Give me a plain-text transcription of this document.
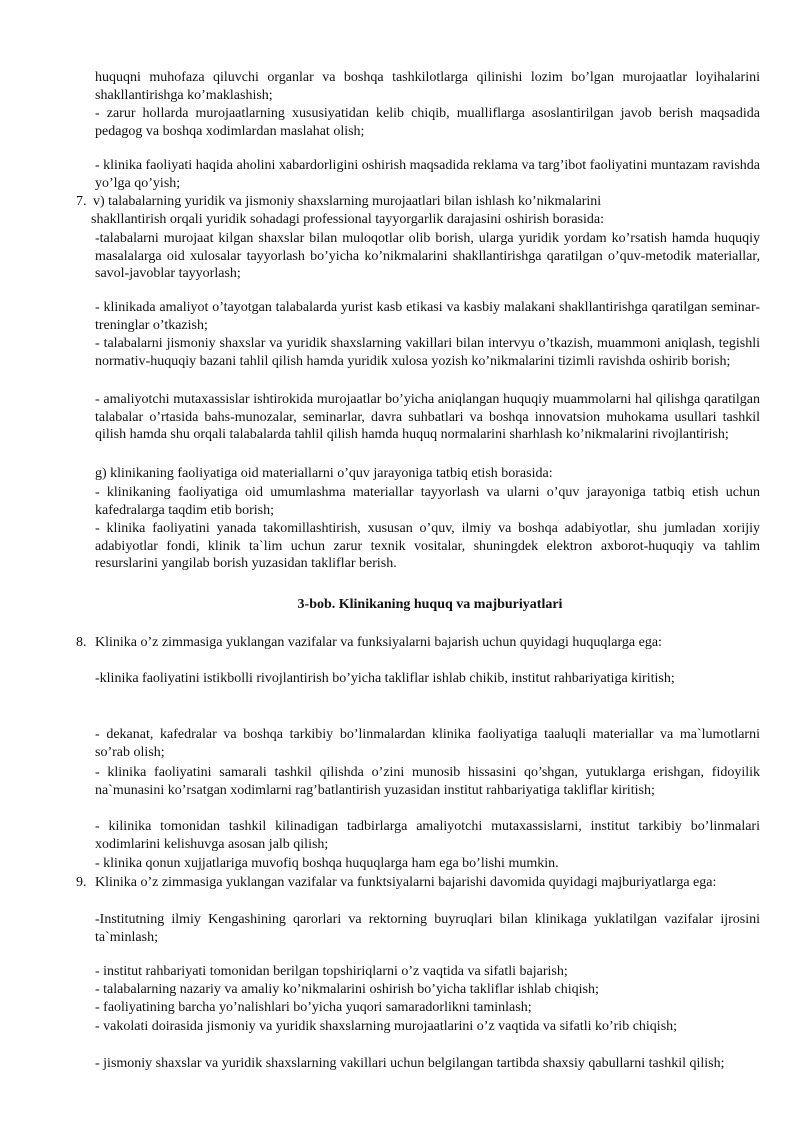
huquqni muhofaza qiluvchi organlar va boshqa tashkilotlarga qilinishi lozim bo’lgan murojaatlar loyihalarini shakllantirishga ko’maklashish;

- zarur hollarda murojaatlarning xususiyatidan kelib chiqib, mualliflarga asoslantirilgan javob berish maqsadida pedagog va boshqa xodimlardan maslahat olish;

- klinika faoliyati haqida aholini xabardorligini oshirish maqsadida reklama va targ’ibot faoliyatini muntazam ravishda yo’lga qo’yish;

7. v) talabalarning yuridik va jismoniy shaxslarning murojaatlari bilan ishlash ko’nikmalarini

shakllantirish orqali yuridik sohadagi professional tayyorgarlik darajasini oshirish borasida:

-talabalarni murojaat kilgan shaxslar bilan muloqotlar olib borish, ularga yuridik yordam ko’rsatish hamda huquqiy masalalarga oid xulosalar tayyorlash bo’yicha ko’nikmalarini shakllantirishga qaratilgan o’quv-metodik materiallar, savol-javoblar tayyorlash;

- klinikada amaliyot o’tayotgan talabalarda yurist kasb etikasi va kasbiy malakani shakllantirishga qaratilgan seminar-treninglar o’tkazish;

- talabalarni jismoniy shaxslar va yuridik shaxslarning vakillari bilan intervyu o’tkazish, muammoni aniqlash, tegishli normativ-huquqiy bazani tahlil qilish hamda yuridik xulosa yozish ko’nikmalarini tizimli ravishda oshirib borish;

- amaliyotchi mutaxassislar ishtirokida murojaatlar bo’yicha aniqlangan huquqiy muammolarni hal qilishga qaratilgan talabalar o’rtasida bahs-munozalar, seminarlar, davra suhbatlari va boshqa innovatsion muhokama usullari tashkil qilish hamda shu orqali talabalarda tahlil qilish hamda huquq normalarini sharhlash ko’nikmalarini rivojlantirish;

g) klinikaning faoliyatiga oid materiallarni o’quv jarayoniga tatbiq etish borasida:

- klinikaning faoliyatiga oid umumlashma materiallar tayyorlash va ularni o’quv jarayoniga tatbiq etish uchun kafedralarga taqdim etib borish;

- klinika faoliyatini yanada takomillashtirish, xususan o’quv, ilmiy va boshqa adabiyotlar, shu jumladan xorijiy adabiyotlar fondi, klinik ta`lim uchun zarur texnik vositalar, shuningdek elektron axborot-huquqiy va tahlim resurslarini yangilab borish yuzasidan takliflar berish.

3-bob. Klinikaning huquq va majburiyatlari
8. Klinika o’z zimmasiga yuklangan vazifalar va funksiyalarni bajarish uchun quyidagi huquqlarga ega:

-klinika faoliyatini istikbolli rivojlantirish bo’yicha takliflar ishlab chikib, institut rahbariyatiga kiritish;

- dekanat, kafedralar va boshqa tarkibiy bo’linmalardan klinika faoliyatiga taaluqli materiallar va ma`lumotlarni so’rab olish;

- klinika faoliyatini samarali tashkil qilishda o’zini munosib hissasini qo’shgan, yutuklarga erishgan, fidoyilik na`munasini ko’rsatgan xodimlarni rag’batlantirish yuzasidan institut rahbariyatiga takliflar kiritish;

- kilinika tomonidan tashkil kilinadigan tadbirlarga amaliyotchi mutaxassislarni, institut tarkibiy bo’linmalari xodimlarini kelishuvga asosan jalb qilish;

- klinika qonun xujjatlariga muvofiq boshqa huquqlarga ham ega bo’lishi mumkin.

9. Klinika o’z zimmasiga yuklangan vazifalar va funktsiyalarni bajarishi davomida quyidagi majburiyatlarga ega:

-Institutning ilmiy Kengashining qarorlari va rektorning buyruqlari bilan klinikaga yuklatilgan vazifalar ijrosini ta`minlash;

- institut rahbariyati tomonidan berilgan topshiriqlarni o’z vaqtida va sifatli bajarish;

- talabalarning nazariy va amaliy ko’nikmalarini oshirish bo’yicha takliflar ishlab chiqish;

- faoliyatining barcha yo’nalishlari bo’yicha yuqori samaradorlikni taminlash;

- vakolati doirasida jismoniy va yuridik shaxslarning murojaatlarini o’z vaqtida va sifatli ko’rib chiqish;

- jismoniy shaxslar va yuridik shaxslarning vakillari uchun belgilangan tartibda shaxsiy qabullarni tashkil qilish;
